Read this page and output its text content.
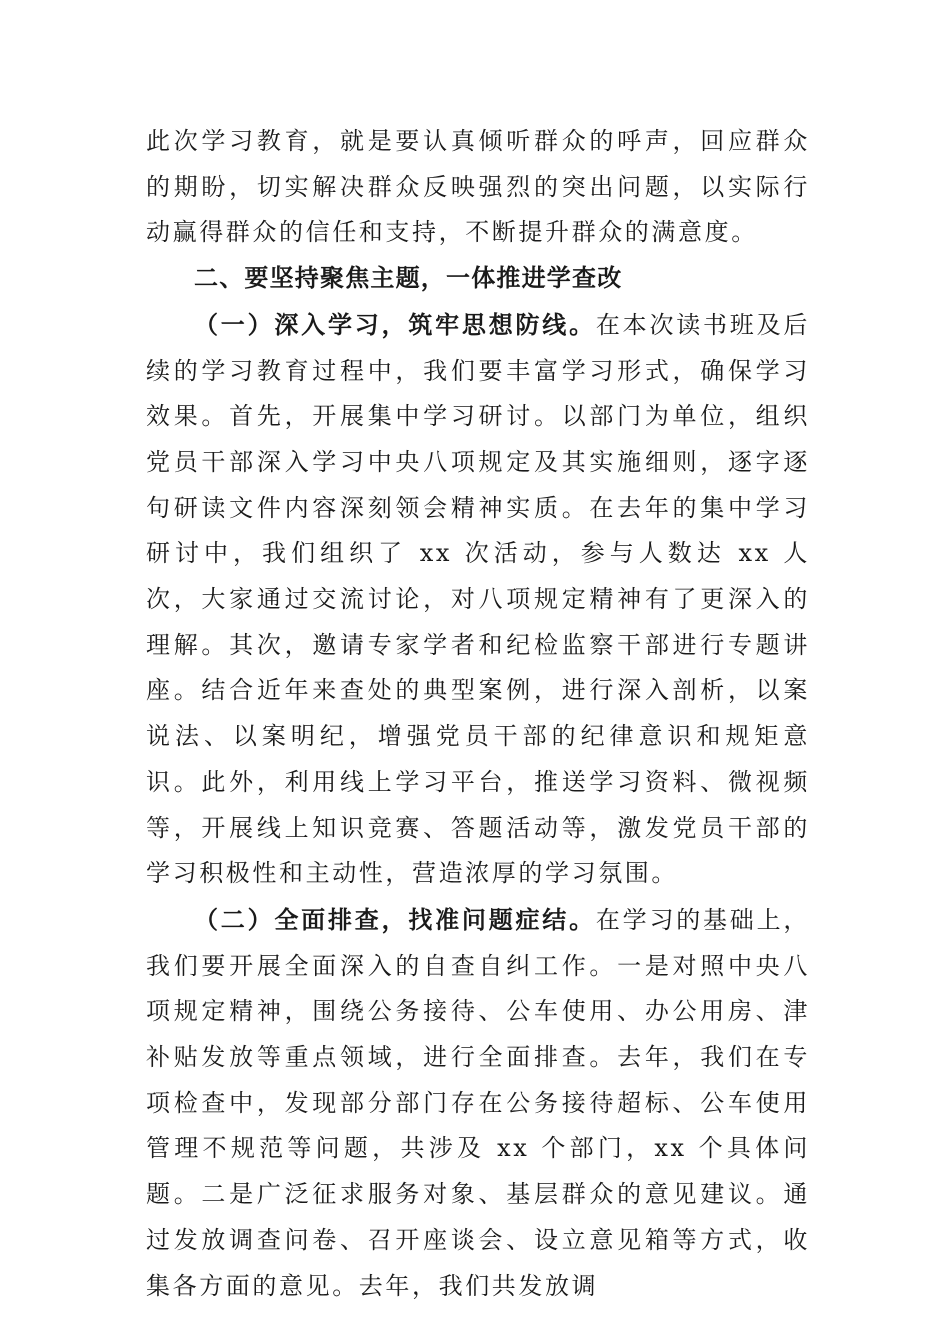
此次学习教育，就是要认真倾听群众的呼声，回应群众的期盼，切实解决群众反映强烈的突出问题，以实际行动赢得群众的信任和支持，不断提升群众的满意度。

二、要坚持聚焦主题，一体推进学查改

（一）深入学习，筑牢思想防线。在本次读书班及后续的学习教育过程中，我们要丰富学习形式，确保学习效果。首先，开展集中学习研讨。以部门为单位，组织党员干部深入学习中央八项规定及其实施细则，逐字逐句研读文件内容深刻领会精神实质。在去年的集中学习研讨中，我们组织了 xx 次活动，参与人数达 xx 人次，大家通过交流讨论，对八项规定精神有了更深入的理解。其次，邀请专家学者和纪检监察干部进行专题讲座。结合近年来查处的典型案例，进行深入剖析，以案说法、以案明纪，增强党员干部的纪律意识和规矩意识。此外，利用线上学习平台，推送学习资料、微视频等，开展线上知识竞赛、答题活动等，激发党员干部的学习积极性和主动性，营造浓厚的学习氛围。

（二）全面排查，找准问题症结。在学习的基础上，我们要开展全面深入的自查自纠工作。一是对照中央八项规定精神，围绕公务接待、公车使用、办公用房、津补贴发放等重点领域，进行全面排查。去年，我们在专项检查中，发现部分部门存在公务接待超标、公车使用管理不规范等问题，共涉及 xx 个部门，xx 个具体问题。二是广泛征求服务对象、基层群众的意见建议。通过发放调查问卷、召开座谈会、设立意见箱等方式，收集各方面的意见。去年，我们共发放调
